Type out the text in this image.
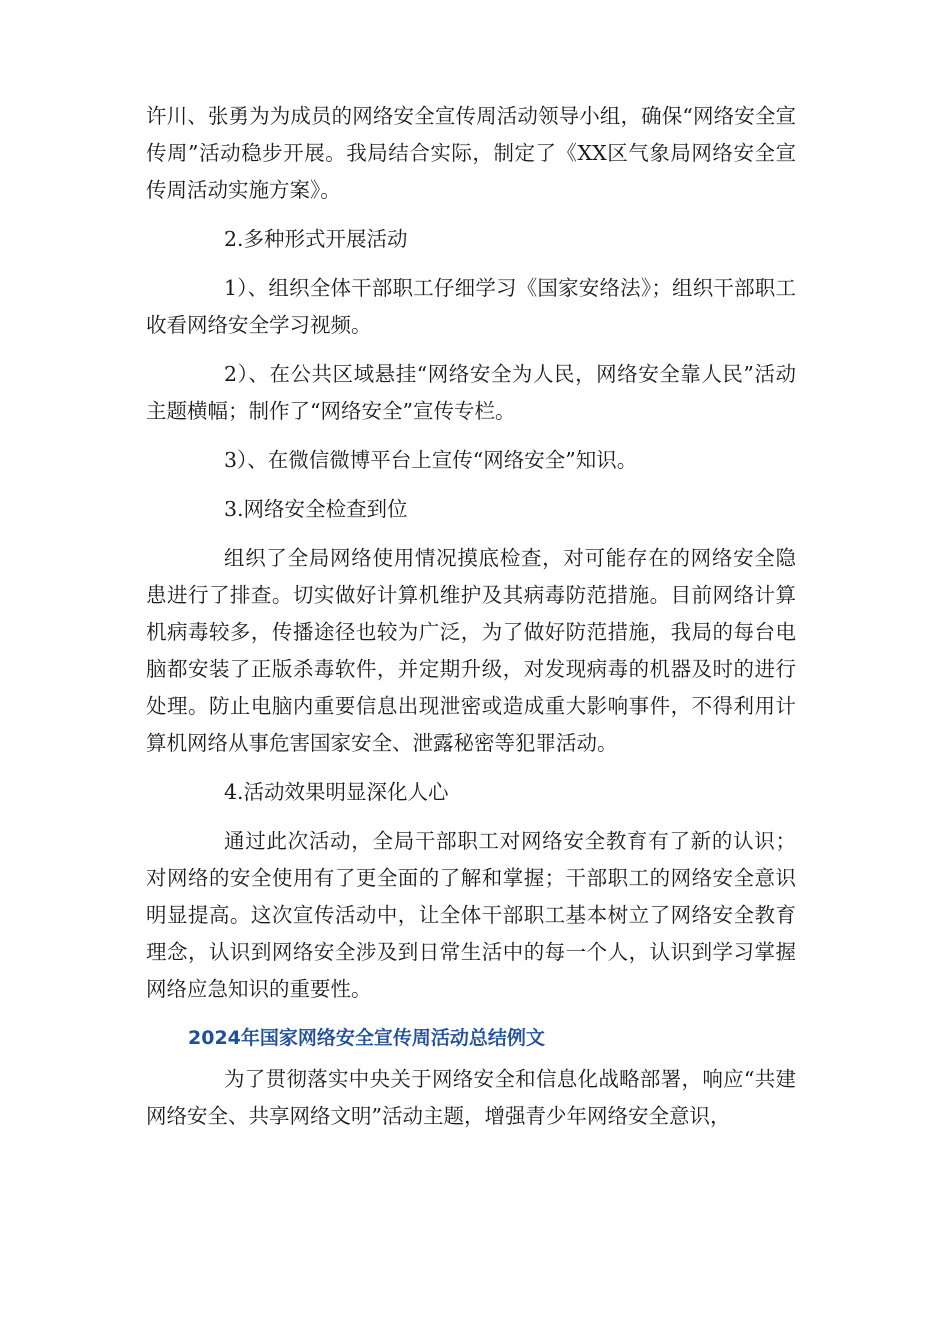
许川、张勇为为成员的网络安全宣传周活动领导小组，确保“网络安全宣传周”活动稳步开展。我局结合实际，制定了《XX区气象局网络安全宣传周活动实施方案》。

2.多种形式开展活动

1）、组织全体干部职工仔细学习《国家安络法》；组织干部职工收看网络安全学习视频。

2）、在公共区域悬挂“网络安全为人民，网络安全靠人民”活动主题横幅；制作了“网络安全”宣传专栏。

3）、在微信微博平台上宣传“网络安全”知识。

3.网络安全检查到位

组织了全局网络使用情况摸底检查，对可能存在的网络安全隐患进行了排查。切实做好计算机维护及其病毒防范措施。目前网络计算机病毒较多，传播途径也较为广泛，为了做好防范措施，我局的每台电脑都安装了正版杀毒软件，并定期升级，对发现病毒的机器及时的进行处理。防止电脑内重要信息出现泄密或造成重大影响事件，不得利用计算机网络从事危害国家安全、泄露秘密等犯罪活动。

4.活动效果明显深化人心

通过此次活动，全局干部职工对网络安全教育有了新的认识；对网络的安全使用有了更全面的了解和掌握；干部职工的网络安全意识明显提高。这次宣传活动中，让全体干部职工基本树立了网络安全教育理念，认识到网络安全涉及到日常生活中的每一个人，认识到学习掌握网络应急知识的重要性。

2024年国家网络安全宣传周活动总结例文

为了贯彻落实中央关于网络安全和信息化战略部署，响应“共建网络安全、共享网络文明”活动主题，增强青少年网络安全意识，
